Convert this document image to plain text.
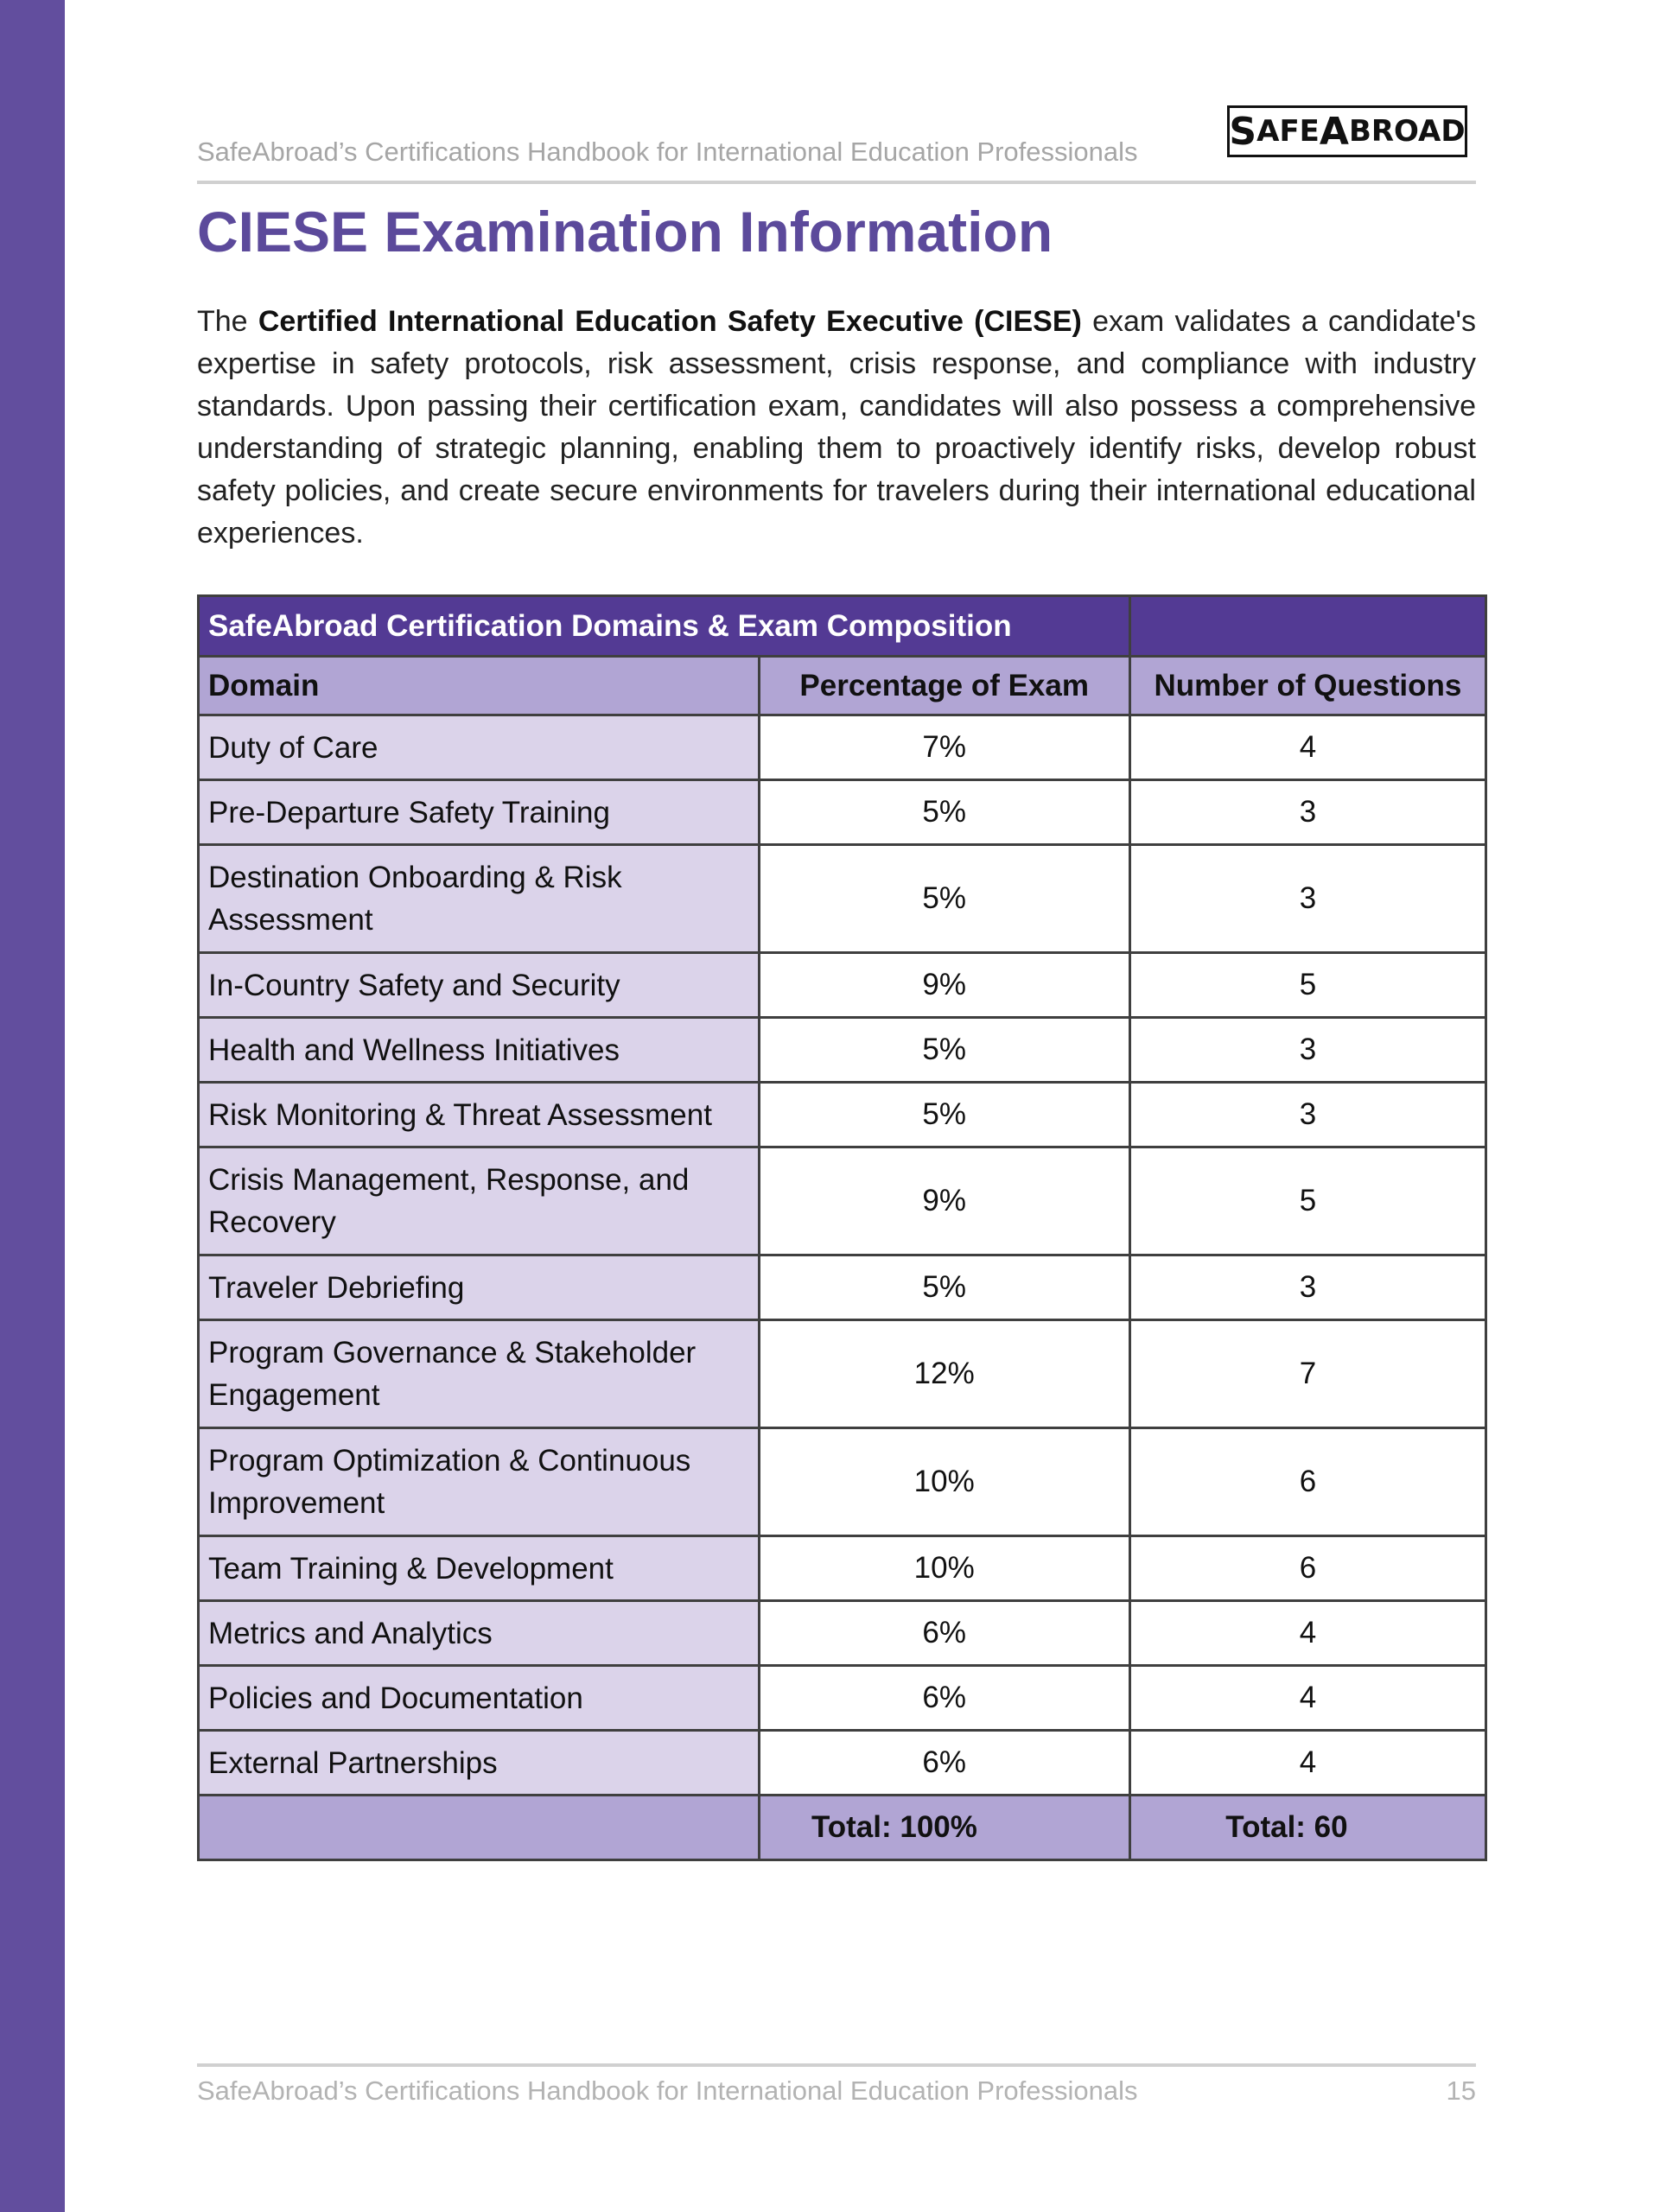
SafeAbroad’s Certifications Handbook for International Education Professionals S AFE A BROAD
CIESE Examination Information

The Certified International Education Safety Executive (CIESE) exam validates a candidate's expertise in safety protocols, risk assessment, crisis response, and compliance with industry standards. Upon passing their certification exam, candidates will also possess a comprehensive understanding of strategic planning, enabling them to proactively identify risks, develop robust safety policies, and create secure environments for travelers during their international educational experiences.

SafeAbroad Certification Domains & Exam Composition		
Domain	Percentage of Exam	Number of Questions
Duty of Care	7%	4
Pre-Departure Safety Training	5%	3
Destination Onboarding & Risk Assessment	5%	3
In-Country Safety and Security	9%	5
Health and Wellness Initiatives	5%	3
Risk Monitoring & Threat Assessment	5%	3
Crisis Management, Response, and Recovery	9%	5
Traveler Debriefing	5%	3
Program Governance & Stakeholder Engagement	12%	7
Program Optimization & Continuous Improvement	10%	6
Team Training & Development	10%	6
Metrics and Analytics	6%	4
Policies and Documentation	6%	4
External Partnerships	6%	4
	Total: 100%	Total: 60
SafeAbroad’s Certifications Handbook for International Education Professionals	15
